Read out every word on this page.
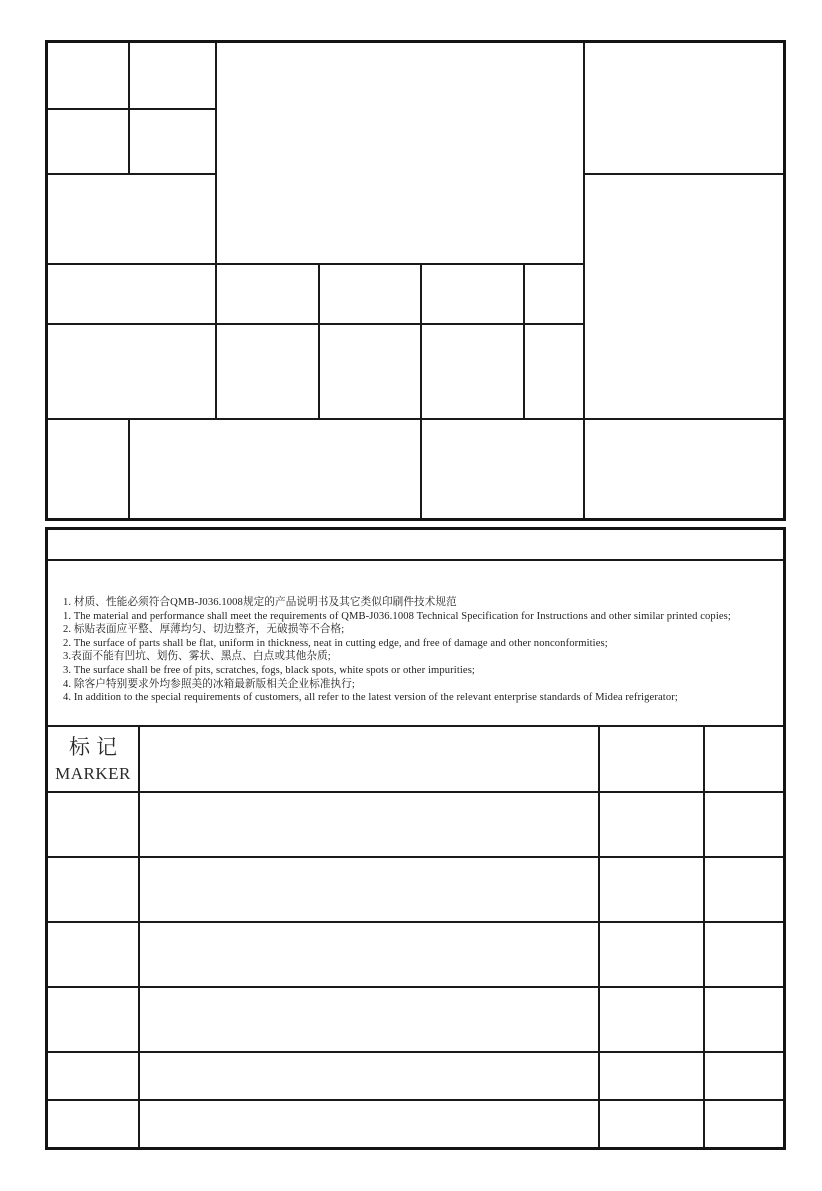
1. 材质、性能必须符合QMB-J036.1008规定的产品说明书及其它类似印刷件技术规范
1. The material and performance shall meet the requirements of QMB-J036.1008 Technical Specification for Instructions and other similar printed copies;
2. 标贴表面应平整、厚薄均匀、切边整齐，无破损等不合格;
2. The surface of parts shall be flat, uniform in thickness, neat in cutting edge, and free of damage and other nonconformities;
3.表面不能有凹坑、划伤、雾状、黑点、白点或其他杂质;
3. The surface shall be free of pits, scratches, fogs, black spots, white spots or other impurities;
4. 除客户特别要求外均参照美的冰箱最新版相关企业标准执行;
4. In addition to the special requirements of customers, all refer to the latest version of the relevant enterprise standards of Midea refrigerator;
标记
MARKER
